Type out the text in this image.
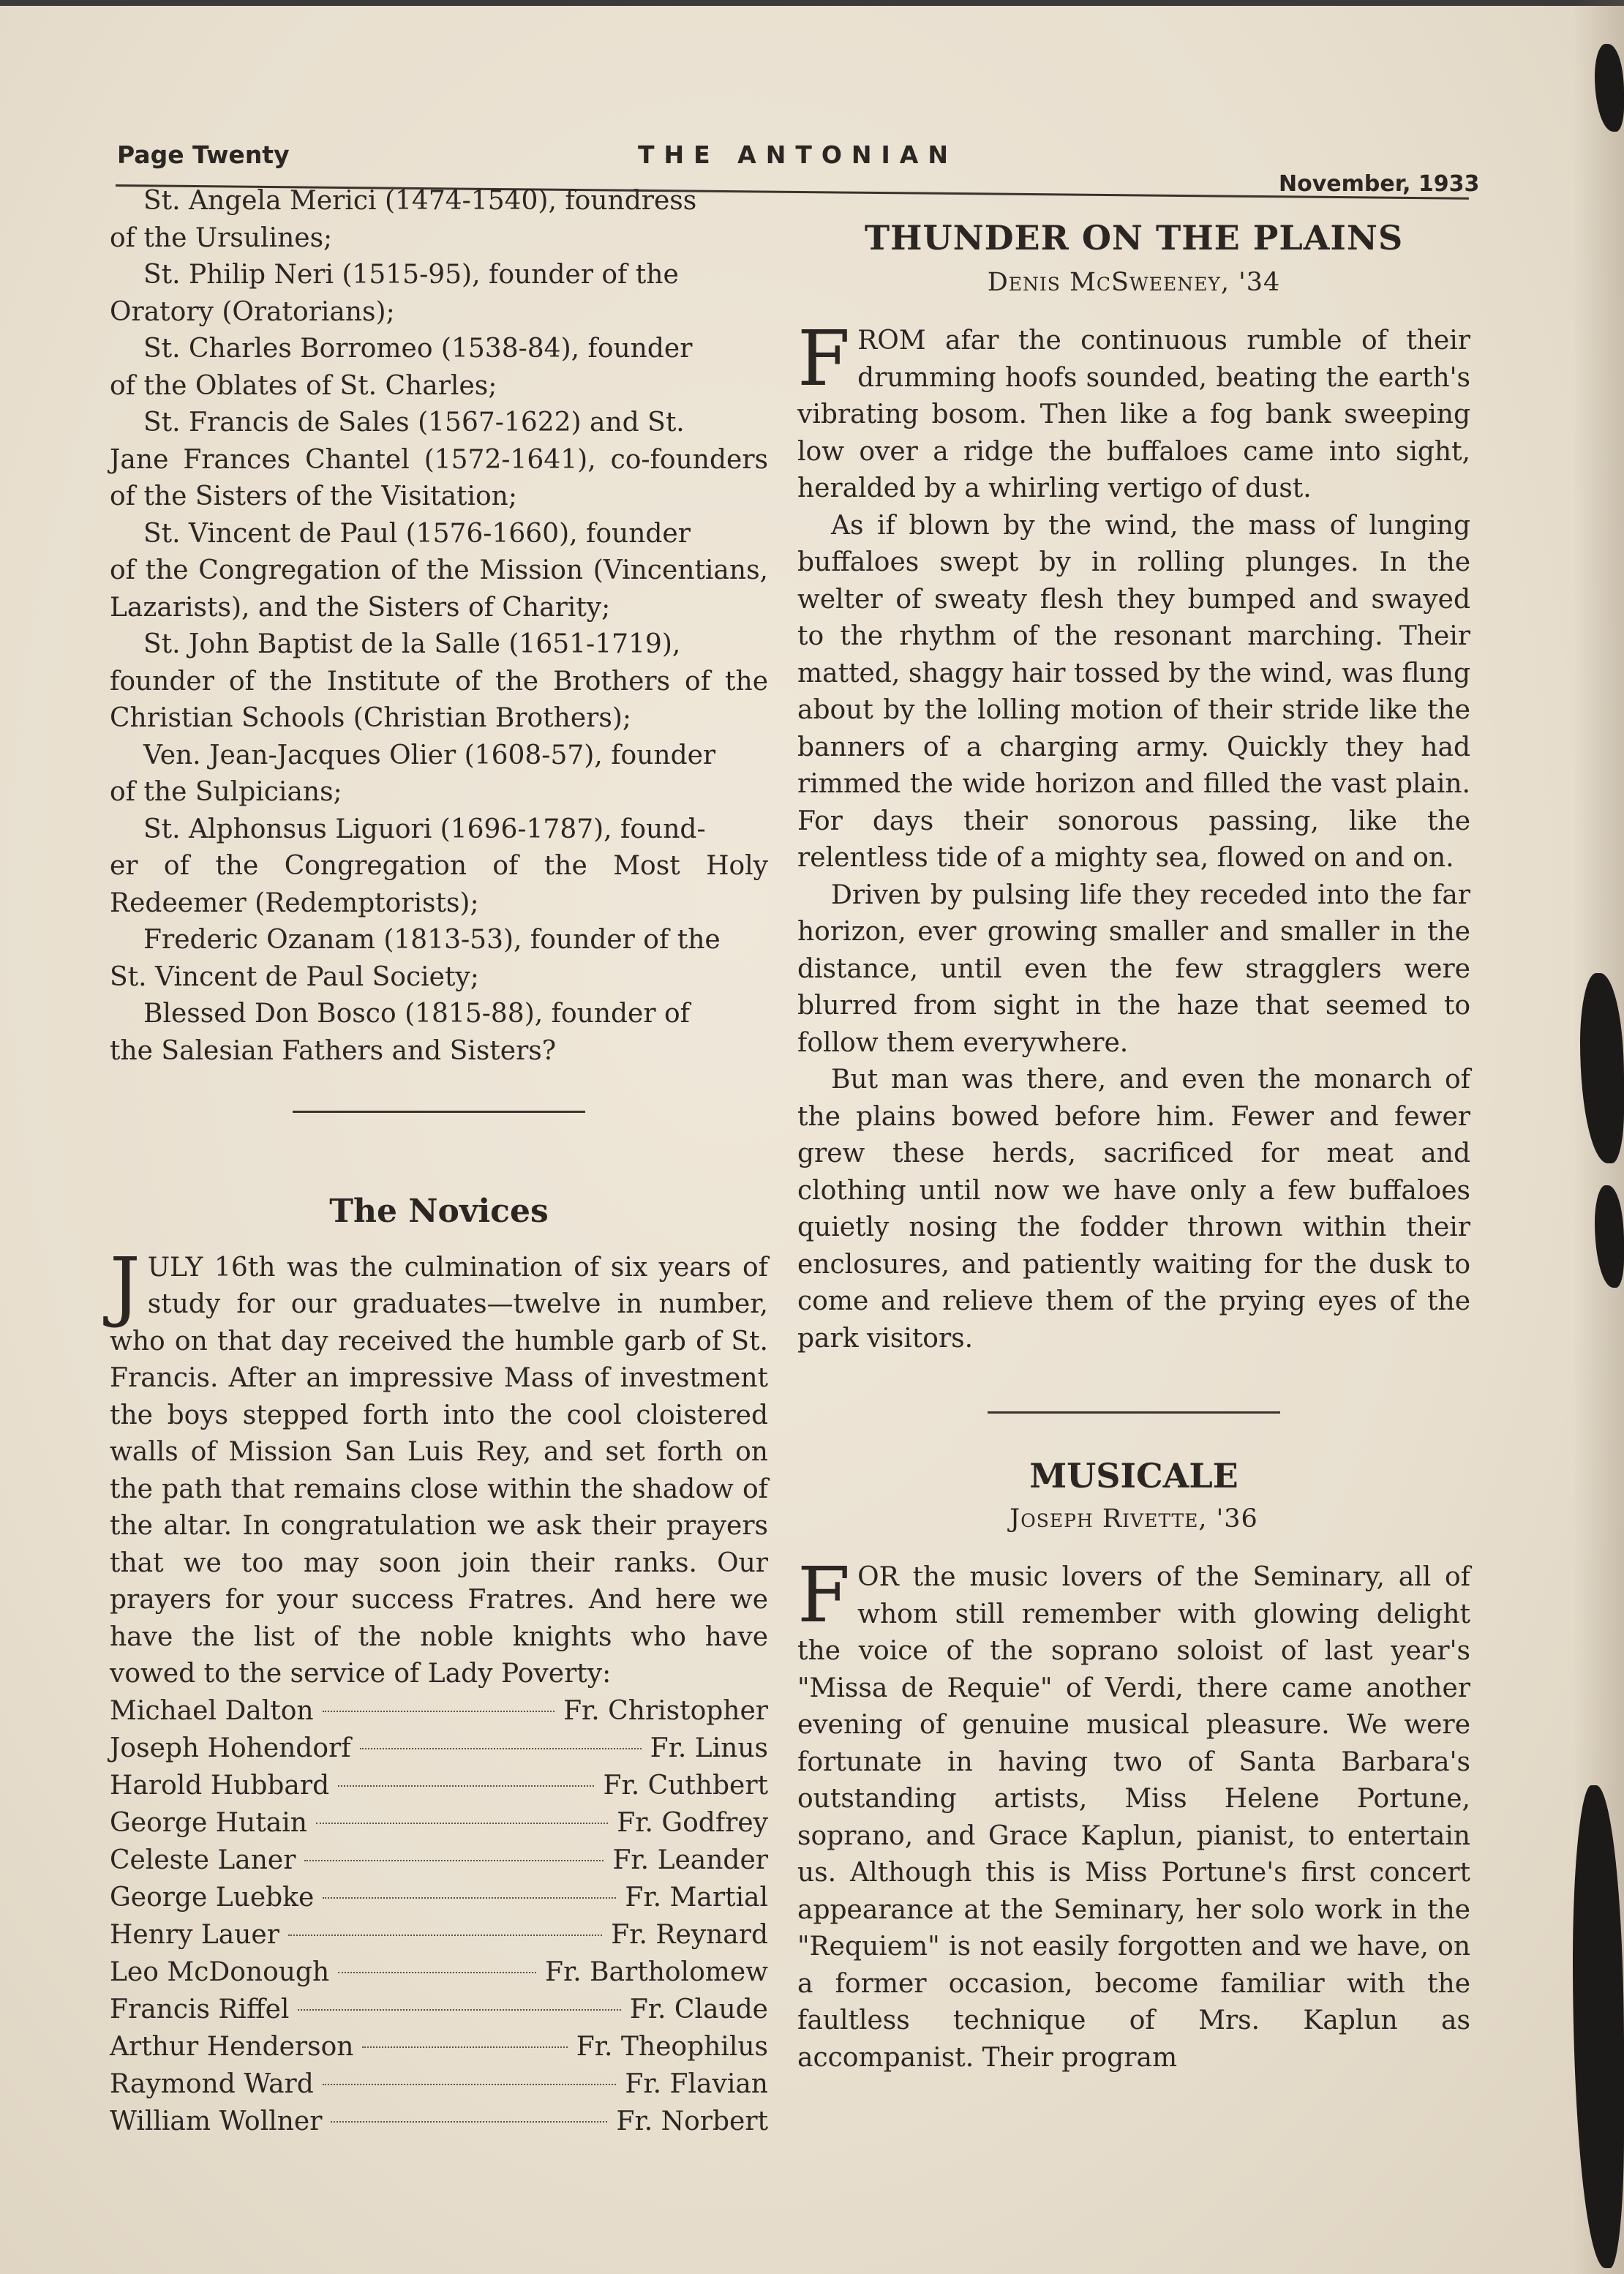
Page Twenty	THE ANTONIAN
November, 1933

St. Angela Merici (1474-1540), foundress
of the Ursulines;

St. Philip Neri (1515-95), founder of the
Oratory (Oratorians);

St. Charles Borromeo (1538-84), founder
of the Oblates of St. Charles;

St. Francis de Sales (1567-1622) and St.
Jane Frances Chantel (1572-1641), co-founders of the Sisters of the Visitation;

St. Vincent de Paul (1576-1660), founder
of the Congregation of the Mission (Vincentians, Lazarists), and the Sisters of Charity;

St. John Baptist de la Salle (1651-1719),
founder of the Institute of the Brothers of the Christian Schools (Christian Brothers);

Ven. Jean-Jacques Olier (1608-57), founder
of the Sulpicians;

St. Alphonsus Liguori (1696-1787), found-
er of the Congregation of the Most Holy Redeemer (Redemptorists);

Frederic Ozanam (1813-53), founder of the
St. Vincent de Paul Society;

Blessed Don Bosco (1815-88), founder of
the Salesian Fathers and Sisters?

The Novices

JULY 16th was the culmination of six years of study for our graduates—twelve in number, who on that day received the humble garb of St. Francis. After an impressive Mass of investment the boys stepped forth into the cool cloistered walls of Mission San Luis Rey, and set forth on the path that remains close within the shadow of the altar. In congratulation we ask their prayers that we too may soon join their ranks. Our prayers for your success Fratres. And here we have the list of the noble knights who have vowed to the service of Lady Poverty:

Michael Dalton	Fr. Christopher
Joseph Hohendorf	Fr. Linus
Harold Hubbard	Fr. Cuthbert
George Hutain	Fr. Godfrey
Celeste Laner	Fr. Leander
George Luebke	Fr. Martial
Henry Lauer	Fr. Reynard
Leo McDonough	Fr. Bartholomew
Francis Riffel	Fr. Claude
Arthur Henderson	Fr. Theophilus
Raymond Ward	Fr. Flavian
William Wollner	Fr. Norbert
THUNDER ON THE PLAINS

Denis McSweeney, '34

FROM afar the continuous rumble of their drumming hoofs sounded, beating the earth's vibrating bosom. Then like a fog bank sweeping low over a ridge the buffaloes came into sight, heralded by a whirling vertigo of dust.

As if blown by the wind, the mass of lunging buffaloes swept by in rolling plunges. In the welter of sweaty flesh they bumped and swayed to the rhythm of the resonant marching. Their matted, shaggy hair tossed by the wind, was flung about by the lolling motion of their stride like the banners of a charging army. Quickly they had rimmed the wide horizon and filled the vast plain. For days their sonorous passing, like the relentless tide of a mighty sea, flowed on and on.

Driven by pulsing life they receded into the far horizon, ever growing smaller and smaller in the distance, until even the few stragglers were blurred from sight in the haze that seemed to follow them everywhere.

But man was there, and even the monarch of the plains bowed before him. Fewer and fewer grew these herds, sacrificed for meat and clothing until now we have only a few buffaloes quietly nosing the fodder thrown within their enclosures, and patiently waiting for the dusk to come and relieve them of the prying eyes of the park visitors.

MUSICALE

Joseph Rivette, '36

FOR the music lovers of the Seminary, all of whom still remember with glowing delight the voice of the soprano soloist of last year's "Missa de Requie" of Verdi, there came another evening of genuine musical pleasure. We were fortunate in having two of Santa Barbara's outstanding artists, Miss Helene Portune, soprano, and Grace Kaplun, pianist, to entertain us. Although this is Miss Portune's first concert appearance at the Seminary, her solo work in the "Requiem" is not easily forgotten and we have, on a former occasion, become familiar with the faultless technique of Mrs. Kaplun as accompanist. Their program
